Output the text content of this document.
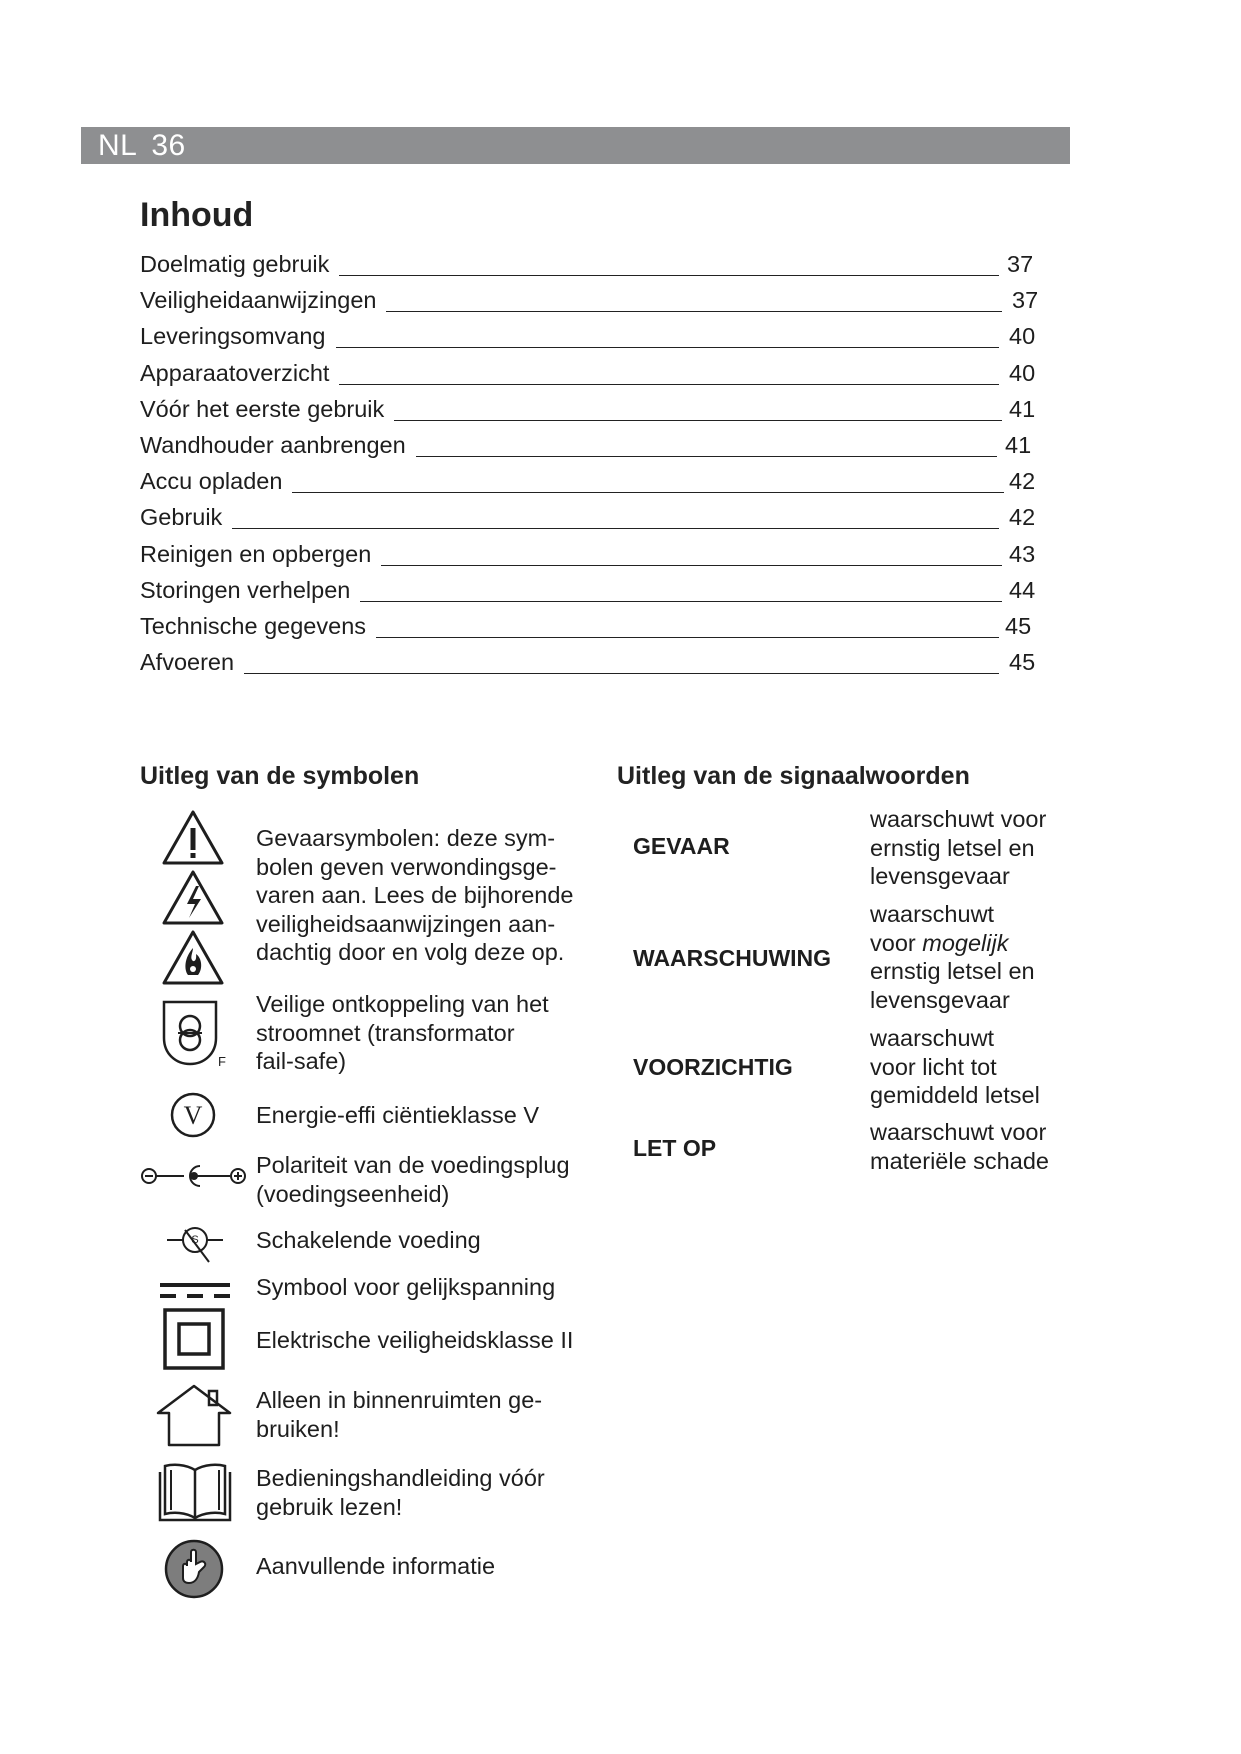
NL 36
Inhoud
Doelmatig gebruik	37
Veiligheidaanwijzingen	37
Leveringsomvang	40
Apparaatoverzicht	40
Vóór het eerste gebruik	41
Wandhouder aanbrengen	41
Accu opladen	42
Gebruik	42
Reinigen en opbergen	43
Storingen verhelpen	44
Technische gegevens	45
Afvoeren	45
Uitleg van de symbolen
Gevaarsymbolen: deze sym-
bolen geven verwondingsge-
varen aan. Lees de bijhorende
veiligheidsaanwijzingen aan-
dachtig door en volg deze op.
F
Veilige ontkoppeling van het
stroomnet (transformator
fail-safe)
V Energie-effi ciëntieklasse V
Polariteit van de voedingsplug
(voedingseenheid)
S Schakelende voeding
Symbool voor gelijkspanning
Elektrische veiligheidsklasse II
Alleen in binnenruimten ge-
bruiken!
Bedieningshandleiding vóór
gebruik lezen!
Aanvullende informatie
Uitleg van de signaalwoorden
GEVAAR
waarschuwt voor
ernstig letsel en
levensgevaar
WAARSCHUWING
waarschuwt
voor mogelijk
ernstig letsel en
levensgevaar
VOORZICHTIG
waarschuwt
voor licht tot
gemiddeld letsel
LET OP
waarschuwt voor
materiële schade
